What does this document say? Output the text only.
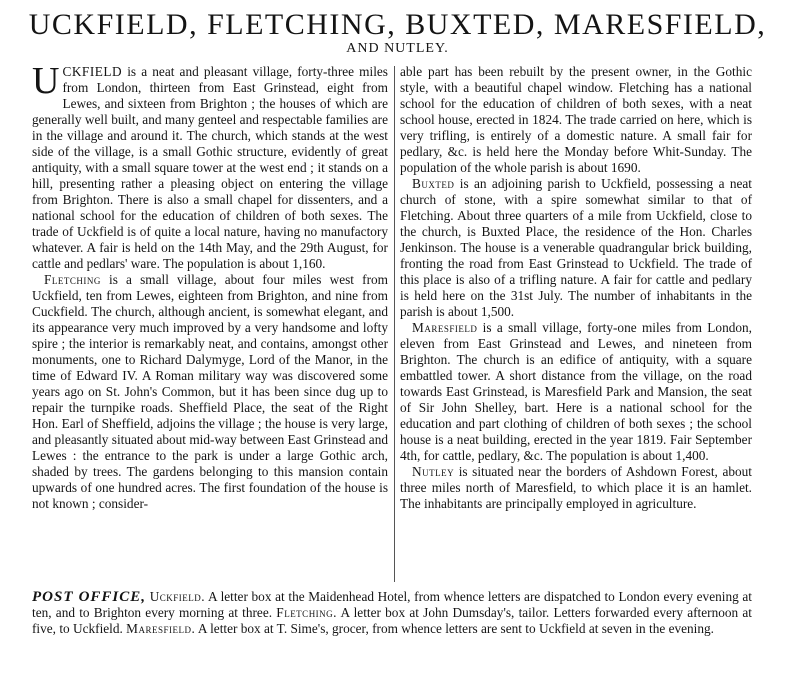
UCKFIELD, FLETCHING, BUXTED, MARESFIELD,
AND NUTLEY.

UCKFIELD is a neat and pleasant village, forty-three miles from London, thirteen from East Grinstead, eight from Lewes, and sixteen from Brighton ; the houses of which are generally well built, and many genteel and respectable families are in the village and around it. The church, which stands at the west side of the village, is a small Gothic structure, evidently of great antiquity, with a small square tower at the west end ; it stands on a hill, presenting rather a pleasing object on entering the village from Brighton. There is also a small chapel for dissenters, and a national school for the education of children of both sexes. The trade of Uckfield is of quite a local nature, having no manufactory whatever. A fair is held on the 14th May, and the 29th August, for cattle and pedlars' ware. The population is about 1,160.

Fletching is a small village, about four miles west from Uckfield, ten from Lewes, eighteen from Brighton, and nine from Cuckfield. The church, although ancient, is somewhat elegant, and its appearance very much improved by a very handsome and lofty spire ; the interior is remarkably neat, and contains, amongst other monuments, one to Richard Dalymyge, Lord of the Manor, in the time of Edward IV. A Roman military way was discovered some years ago on St. John's Common, but it has been since dug up to repair the turnpike roads. Sheffield Place, the seat of the Right Hon. Earl of Sheffield, adjoins the village ; the house is very large, and pleasantly situated about mid-way between East Grinstead and Lewes : the entrance to the park is under a large Gothic arch, shaded by trees. The gardens belonging to this mansion contain upwards of one hundred acres. The first foundation of the house is not known ; consider-

able part has been rebuilt by the present owner, in the Gothic style, with a beautiful chapel window. Fletching has a national school for the education of children of both sexes, with a neat school house, erected in 1824. The trade carried on here, which is very trifling, is entirely of a domestic nature. A small fair for pedlary, &c. is held here the Monday before Whit-Sunday. The population of the whole parish is about 1690.

Buxted is an adjoining parish to Uckfield, possessing a neat church of stone, with a spire somewhat similar to that of Fletching. About three quarters of a mile from Uckfield, close to the church, is Buxted Place, the residence of the Hon. Charles Jenkinson. The house is a venerable quadrangular brick building, fronting the road from East Grinstead to Uckfield. The trade of this place is also of a trifling nature. A fair for cattle and pedlary is held here on the 31st July. The number of inhabitants in the parish is about 1,500.

Maresfield is a small village, forty-one miles from London, eleven from East Grinstead and Lewes, and nineteen from Brighton. The church is an edifice of antiquity, with a square embattled tower. A short distance from the village, on the road towards East Grinstead, is Maresfield Park and Mansion, the seat of Sir John Shelley, bart. Here is a national school for the education and part clothing of children of both sexes ; the school house is a neat building, erected in the year 1819. Fair September 4th, for cattle, pedlary, &c. The population is about 1,400.

Nutley is situated near the borders of Ashdown Forest, about three miles north of Maresfield, to which place it is an hamlet. The inhabitants are principally employed in agriculture.

POST OFFICE, Uckfield. A letter box at the Maidenhead Hotel, from whence letters are dispatched to London every evening at ten, and to Brighton every morning at three. Fletching. A letter box at John Dumsday's, tailor. Letters forwarded every afternoon at five, to Uckfield. Maresfield. A letter box at T. Sime's, grocer, from whence letters are sent to Uckfield at seven in the evening.
